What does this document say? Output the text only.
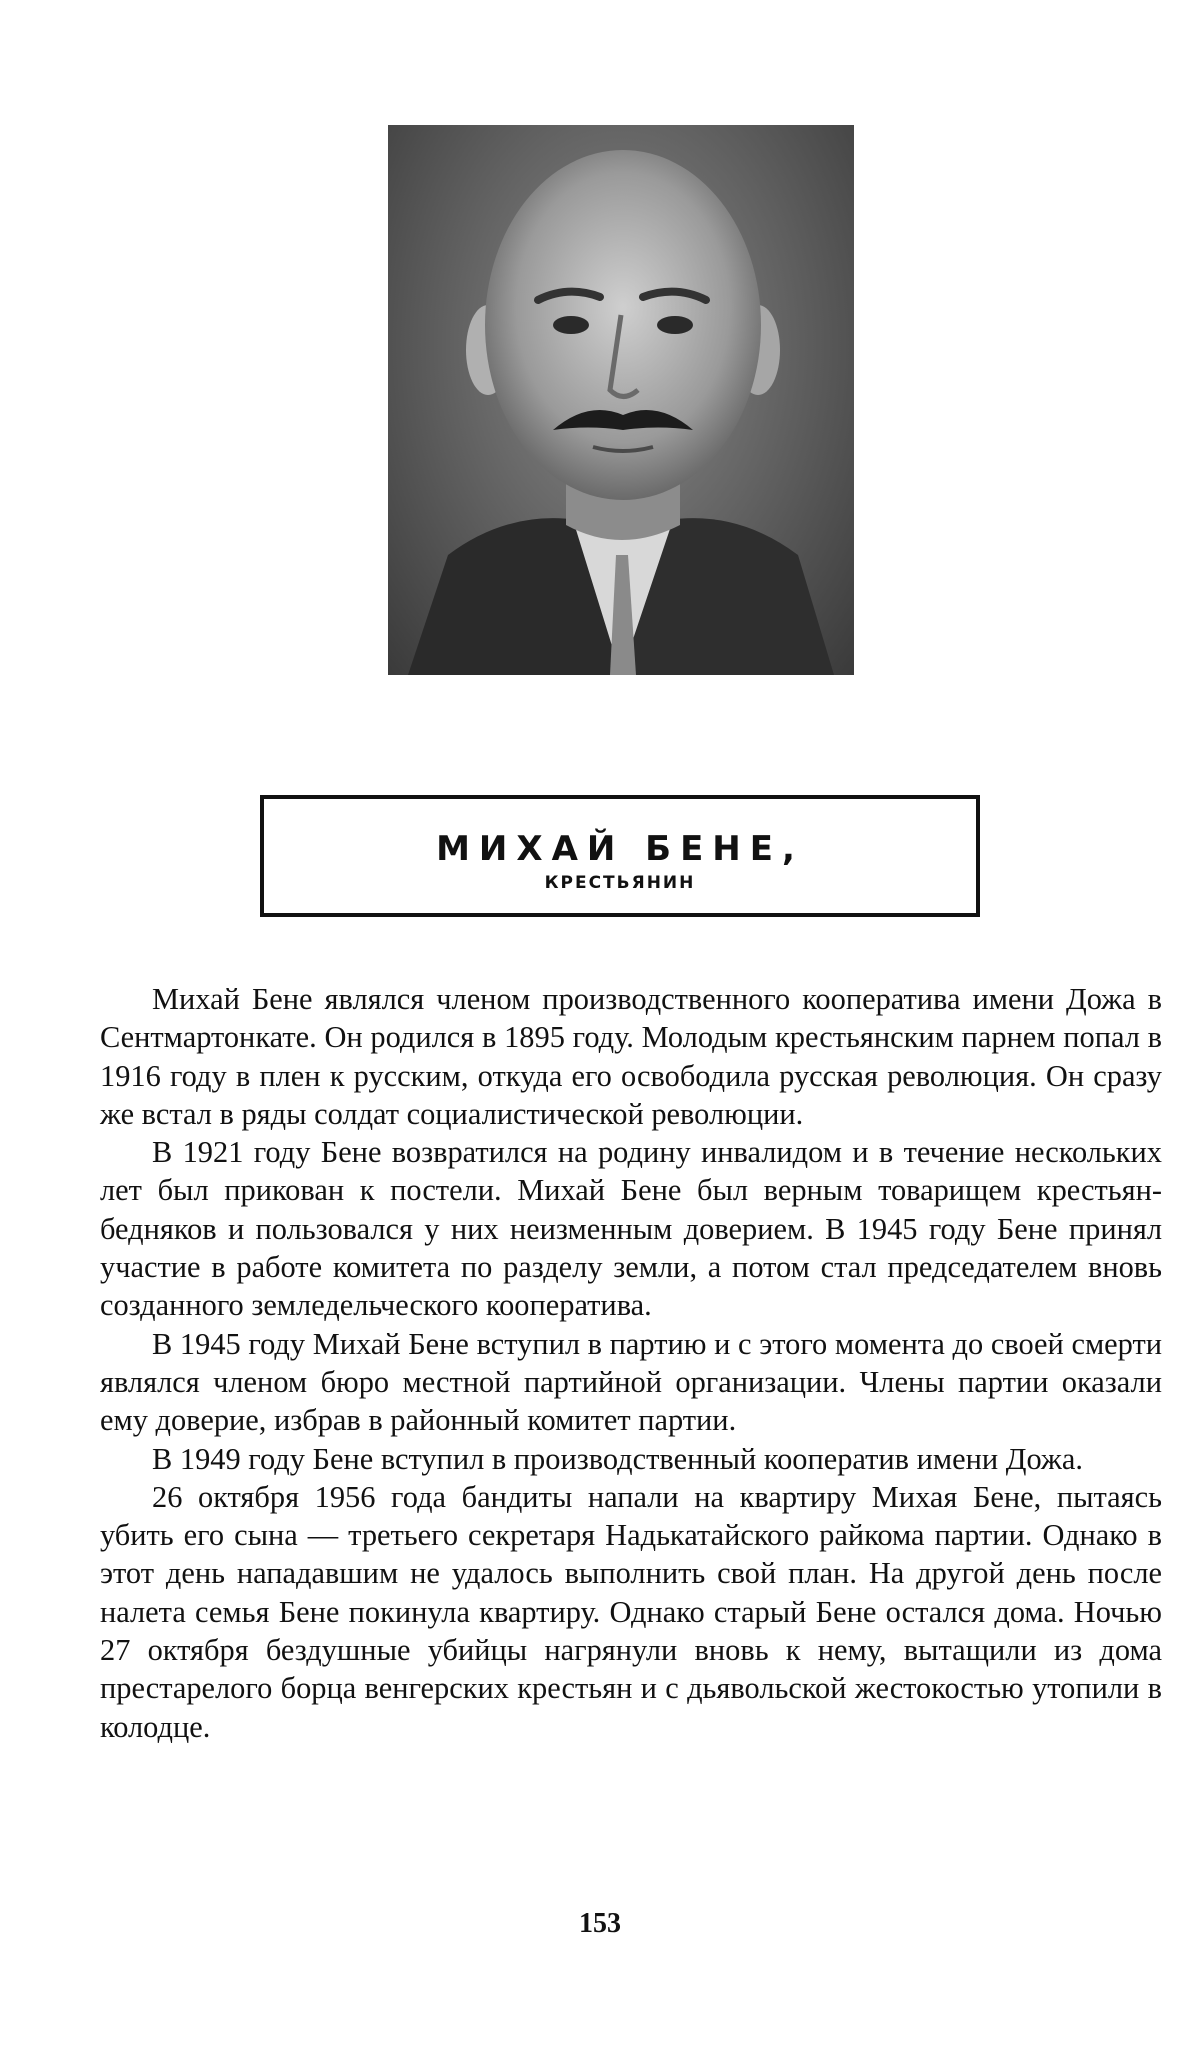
МИХАЙ БЕНЕ,
КРЕСТЬЯНИН

Михай Бене являлся членом производственного кооператива имени Дожа в Сентмартонкате. Он родился в 1895 году. Молодым крестьянским парнем попал в 1916 году в плен к русским, откуда его освободила русская революция. Он сразу же встал в ряды солдат социалистической революции.

В 1921 году Бене возвратился на родину инвалидом и в течение нескольких лет был прикован к постели. Михай Бене был верным товарищем крестьян-бедняков и пользовался у них неизменным доверием. В 1945 году Бене принял участие в работе комитета по разделу земли, а потом стал председателем вновь созданного земледельческого кооператива.

В 1945 году Михай Бене вступил в партию и с этого момента до своей смерти являлся членом бюро местной партийной организации. Члены партии оказали ему доверие, избрав в районный комитет партии.

В 1949 году Бене вступил в производственный кооператив имени Дожа.

26 октября 1956 года бандиты напали на квартиру Михая Бене, пытаясь убить его сына — третьего секретаря Надькатайского райкома партии. Однако в этот день нападавшим не удалось выполнить свой план. На другой день после налета семья Бене покинула квартиру. Однако старый Бене остался дома. Ночью 27 октября бездушные убийцы нагрянули вновь к нему, вытащили из дома престарелого борца венгерских крестьян и с дьявольской жестокостью утопили в колодце.

153
